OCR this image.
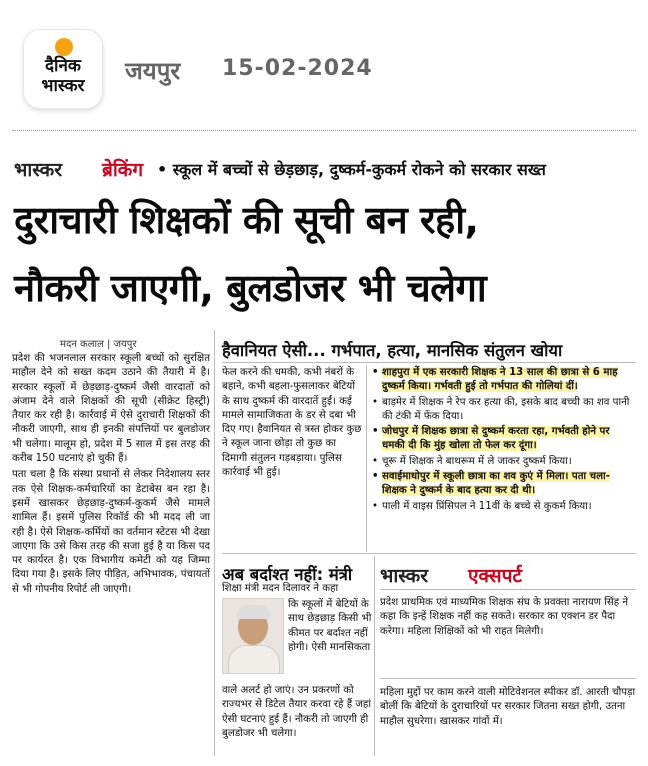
दैनिक
भास्कर
जयपुर 15-02-2024
भास्कर ब्रेकिंग • स्कूल में बच्चों से छेड़छाड़, दुष्कर्म-कुकर्म रोकने को सरकार सख्त
दुराचारी शिक्षकों की सूची बन रही,
नौकरी जाएगी, बुलडोजर भी चलेगा
मदन कलाल | जयपुर

प्रदेश की भजनलाल सरकार स्कूली बच्चों को सुरक्षित माहौल देने को सख्त कदम उठाने की तैयारी में है। सरकार स्कूलों में छेड़छाड़-दुष्कर्म जैसी वारदातों को अंजाम देने वाले शिक्षकों की सूची (सीक्रेट हिस्ट्री) तैयार कर रही है। कार्रवाई में ऐसे दुराचारी शिक्षकों की नौकरी जाएगी, साथ ही इनकी संपत्तियों पर बुलडोजर भी चलेगा। मालूम हो, प्रदेश में 5 साल में इस तरह की करीब 150 घटनाएं हो चुकी हैं।

पता चला है कि संस्था प्रधानों से लेकर निदेशालय स्तर तक ऐसे शिक्षक-कर्मचारियों का डेटाबेस बन रहा है। इसमें खासकर छेड़छाड़-दुष्कर्म-कुकर्म जैसे मामले शामिल हैं। इसमें पुलिस रिकॉर्ड की भी मदद ली जा रही है। ऐसे शिक्षक-कर्मियों का वर्तमान स्टेटस भी देखा जाएगा कि उसे किस तरह की सजा हुई है या किस पद पर कार्यरत है। एक विभागीय कमेटी को यह जिम्मा दिया गया है। इसके लिए पीड़ित, अभिभावक, पंचायतों से भी गोपनीय रिपोर्ट ली जाएगी।

हैवानियत ऐसी... गर्भपात, हत्या, मानसिक संतुलन खोया
फेल करने की धमकी, कभी नंबरों के बहाने, कभी बहला-फुसलाकर बेटियों के साथ दुष्कर्म की वारदातें हुईं। कई मामले सामाजिकता के डर से दबा भी दिए गए। हैवानियत से त्रस्त होकर कुछ ने स्कूल जाना छोड़ा तो कुछ का दिमागी संतुलन गड़बड़ाया। पुलिस कार्रवाई भी हुई।
• शाहपुरा में एक सरकारी शिक्षक ने 13 साल की छात्रा से 6 माह दुष्कर्म किया। गर्भवती हुई तो गर्भपात की गोलियां दीं।
• बाड़मेर में शिक्षक ने रेप कर हत्या की, इसके बाद बच्ची का शव पानी की टंकी में फेंक दिया।
• जोधपुर में शिक्षक छात्रा से दुष्कर्म करता रहा, गर्भवती होने पर धमकी दी कि मुंह खोला तो फेल कर दूंगा।
• चूरू में शिक्षक ने बाथरूम में ले जाकर दुष्कर्म किया।
• सवाईमाधोपुर में स्कूली छात्रा का शव कुएं में मिला। पता चला- शिक्षक ने दुष्कर्म के बाद हत्या कर दी थी।
• पाली में वाइस प्रिंसिपल ने 11वीं के बच्चे से कुकर्म किया।
अब बर्दाश्त नहीं: मंत्री
शिक्षा मंत्री मदन दिलावर ने कहा
कि स्कूलों में बेटियों के साथ छेड़छाड़ किसी भी कीमत पर बर्दाश्त नहीं होगी। ऐसी मानसिकता
वाले अलर्ट हो जाएं। उन प्रकरणों को राज्यभर से डिटेल तैयार करवा रहे हैं जहां ऐसी घटनाएं हुई हैं। नौकरी तो जाएगी ही बुलडोजर भी चलेगा।
भास्कर एक्सपर्ट
प्रदेश प्राथमिक एवं माध्यमिक शिक्षक संघ के प्रवक्ता नारायण सिंह ने कहा कि इन्हें शिक्षक नहीं कह सकते। सरकार का एक्शन डर पैदा करेगा। महिला शिक्षिकों को भी राहत मिलेगी।
महिला मुद्दों पर काम करने वाली मोटिवेशनल स्पीकर डॉ. आरती चौपड़ा बोलीं कि बेटियों के दुराचारियों पर सरकार जितना सख्त होगी, उतना माहौल सुधरेगा। खासकर गांवों में।
